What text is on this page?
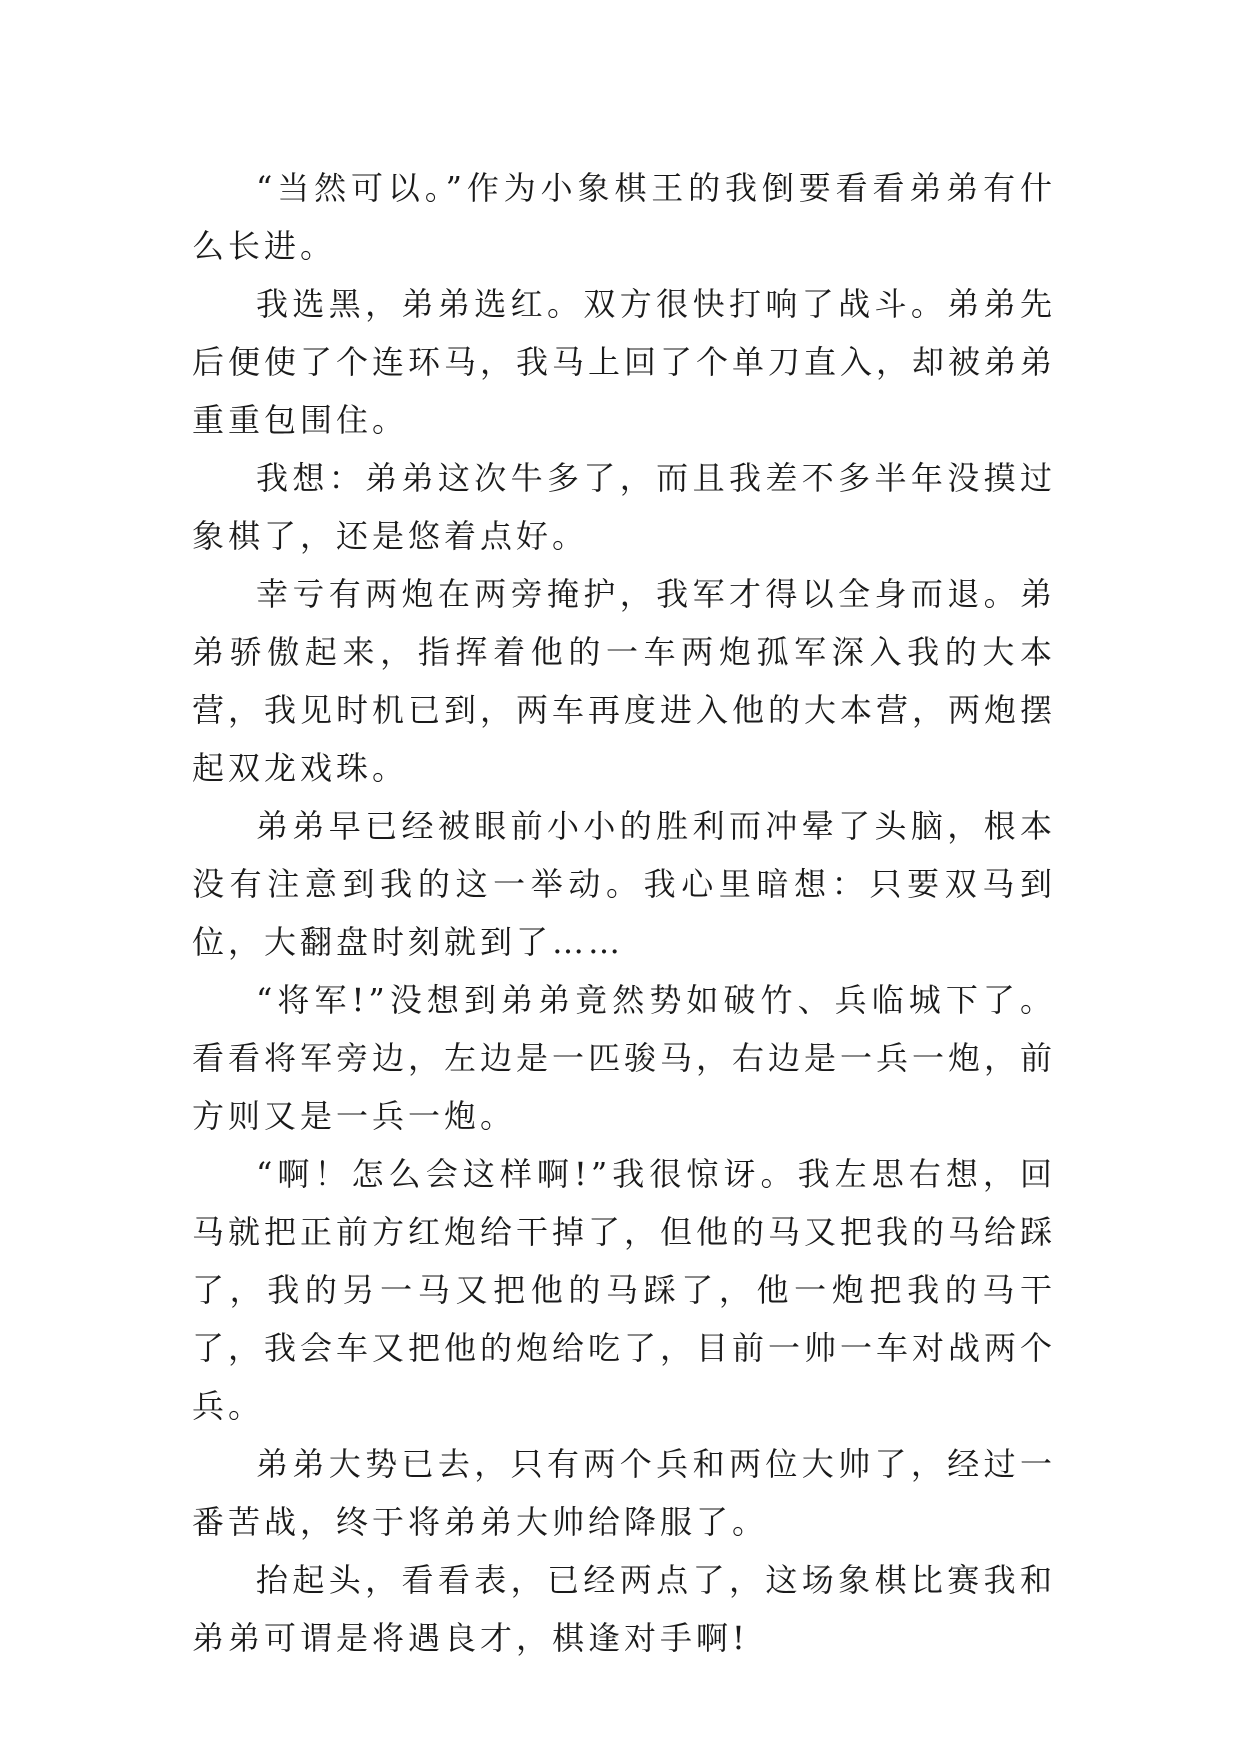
“当然可以。”作为小象棋王的我倒要看看弟弟有什么长进。

我选黑，弟弟选红。双方很快打响了战斗。弟弟先后便使了个连环马，我马上回了个单刀直入，却被弟弟重重包围住。

我想：弟弟这次牛多了，而且我差不多半年没摸过象棋了，还是悠着点好。

幸亏有两炮在两旁掩护，我军才得以全身而退。弟弟骄傲起来，指挥着他的一车两炮孤军深入我的大本营，我见时机已到，两车再度进入他的大本营，两炮摆起双龙戏珠。

弟弟早已经被眼前小小的胜利而冲晕了头脑，根本没有注意到我的这一举动。我心里暗想：只要双马到位，大翻盘时刻就到了……

“将军!”没想到弟弟竟然势如破竹、兵临城下了。看看将军旁边，左边是一匹骏马，右边是一兵一炮，前方则又是一兵一炮。

“啊！怎么会这样啊!”我很惊讶。我左思右想，回马就把正前方红炮给干掉了，但他的马又把我的马给踩了，我的另一马又把他的马踩了，他一炮把我的马干了，我会车又把他的炮给吃了，目前一帅一车对战两个兵。

弟弟大势已去，只有两个兵和两位大帅了，经过一番苦战，终于将弟弟大帅给降服了。

抬起头，看看表，已经两点了，这场象棋比赛我和弟弟可谓是将遇良才，棋逢对手啊!
